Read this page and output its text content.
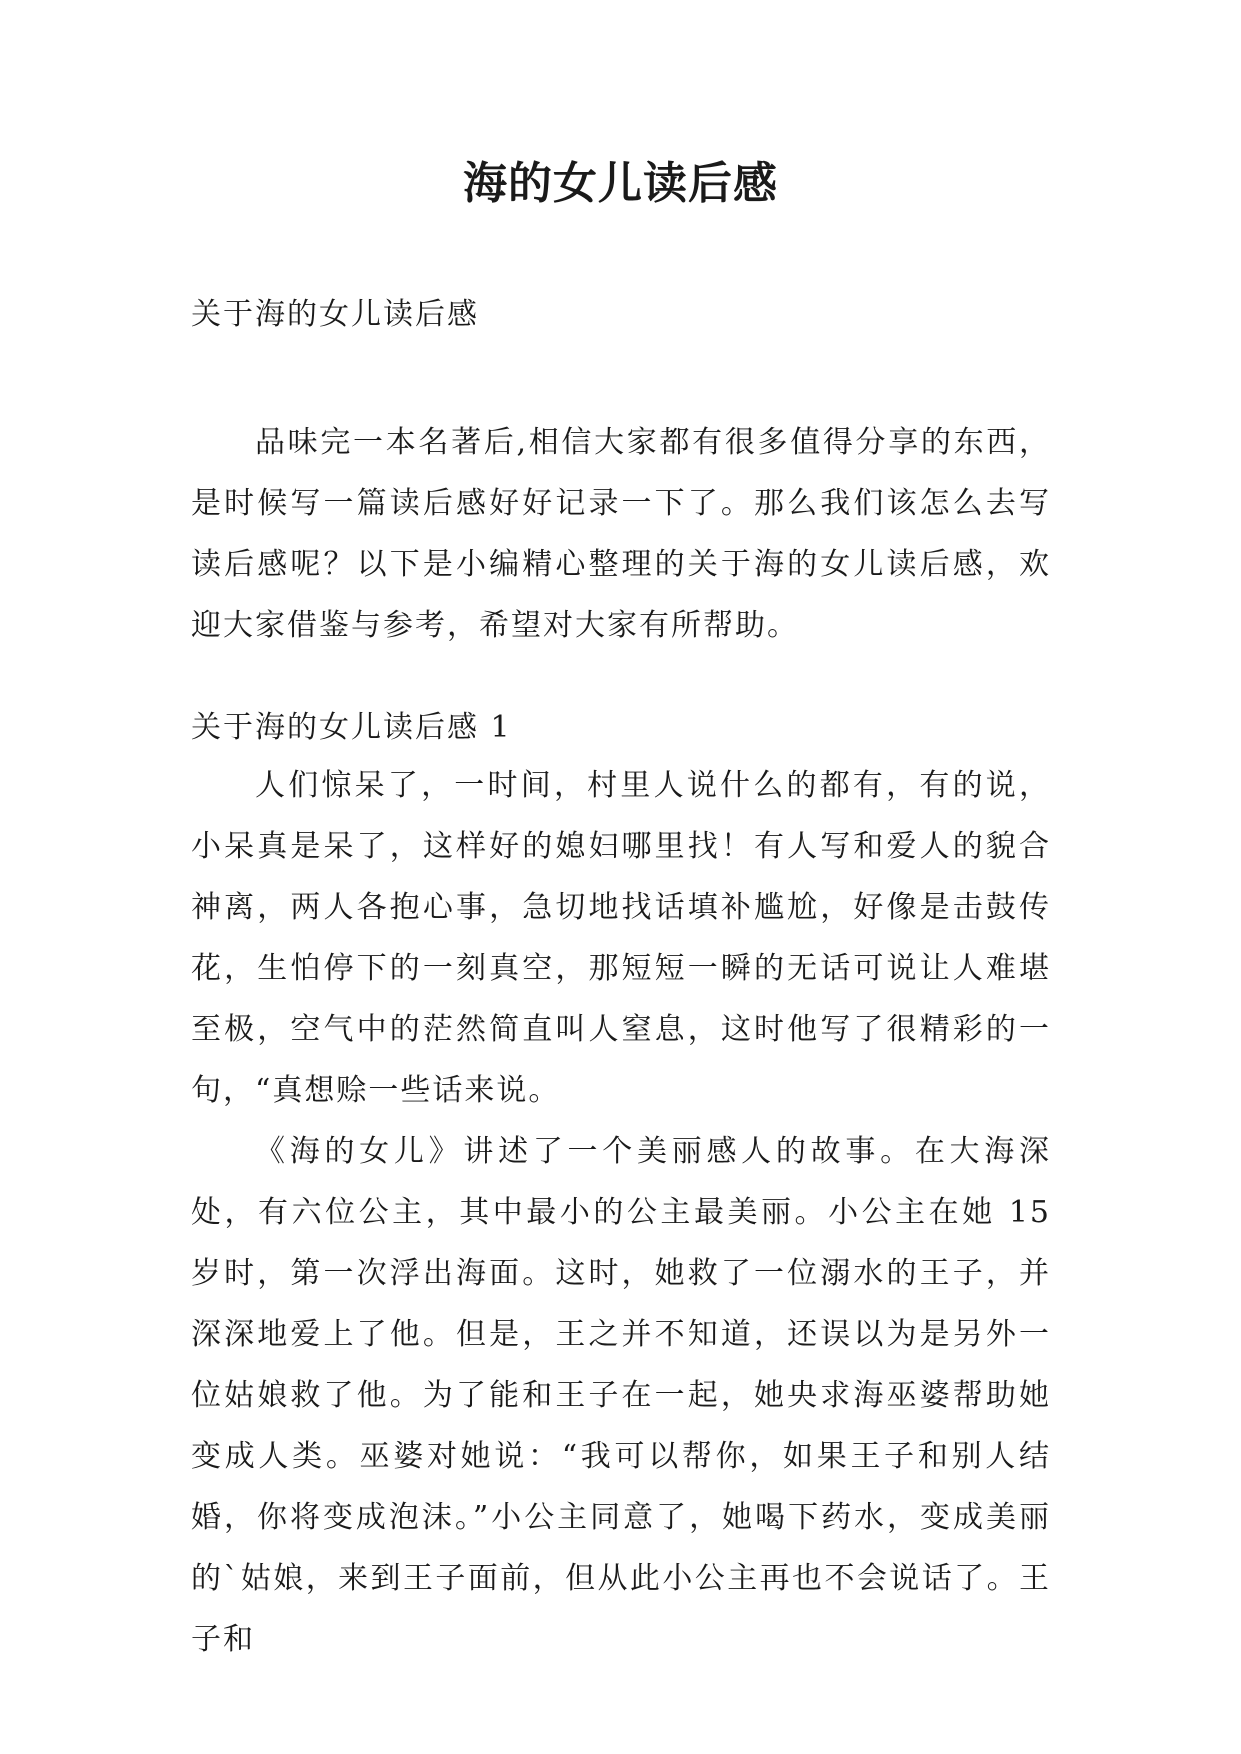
海的女儿读后感
关于海的女儿读后感

品味完一本名著后,相信大家都有很多值得分享的东西，是时候写一篇读后感好好记录一下了。那么我们该怎么去写读后感呢？以下是小编精心整理的关于海的女儿读后感，欢迎大家借鉴与参考，希望对大家有所帮助。

关于海的女儿读后感 1

人们惊呆了，一时间，村里人说什么的都有，有的说，小呆真是呆了，这样好的媳妇哪里找！有人写和爱人的貌合神离，两人各抱心事，急切地找话填补尴尬，好像是击鼓传花，生怕停下的一刻真空，那短短一瞬的无话可说让人难堪至极，空气中的茫然简直叫人窒息，这时他写了很精彩的一句，“真想赊一些话来说。

《海的女儿》讲述了一个美丽感人的故事。在大海深处，有六位公主，其中最小的公主最美丽。小公主在她 15 岁时，第一次浮出海面。这时，她救了一位溺水的王子，并深深地爱上了他。但是，王之并不知道，还误以为是另外一位姑娘救了他。为了能和王子在一起，她央求海巫婆帮助她变成人类。巫婆对她说：“我可以帮你，如果王子和别人结婚，你将变成泡沫。”小公主同意了，她喝下药水，变成美丽的`姑娘，来到王子面前，但从此小公主再也不会说话了。王子和
